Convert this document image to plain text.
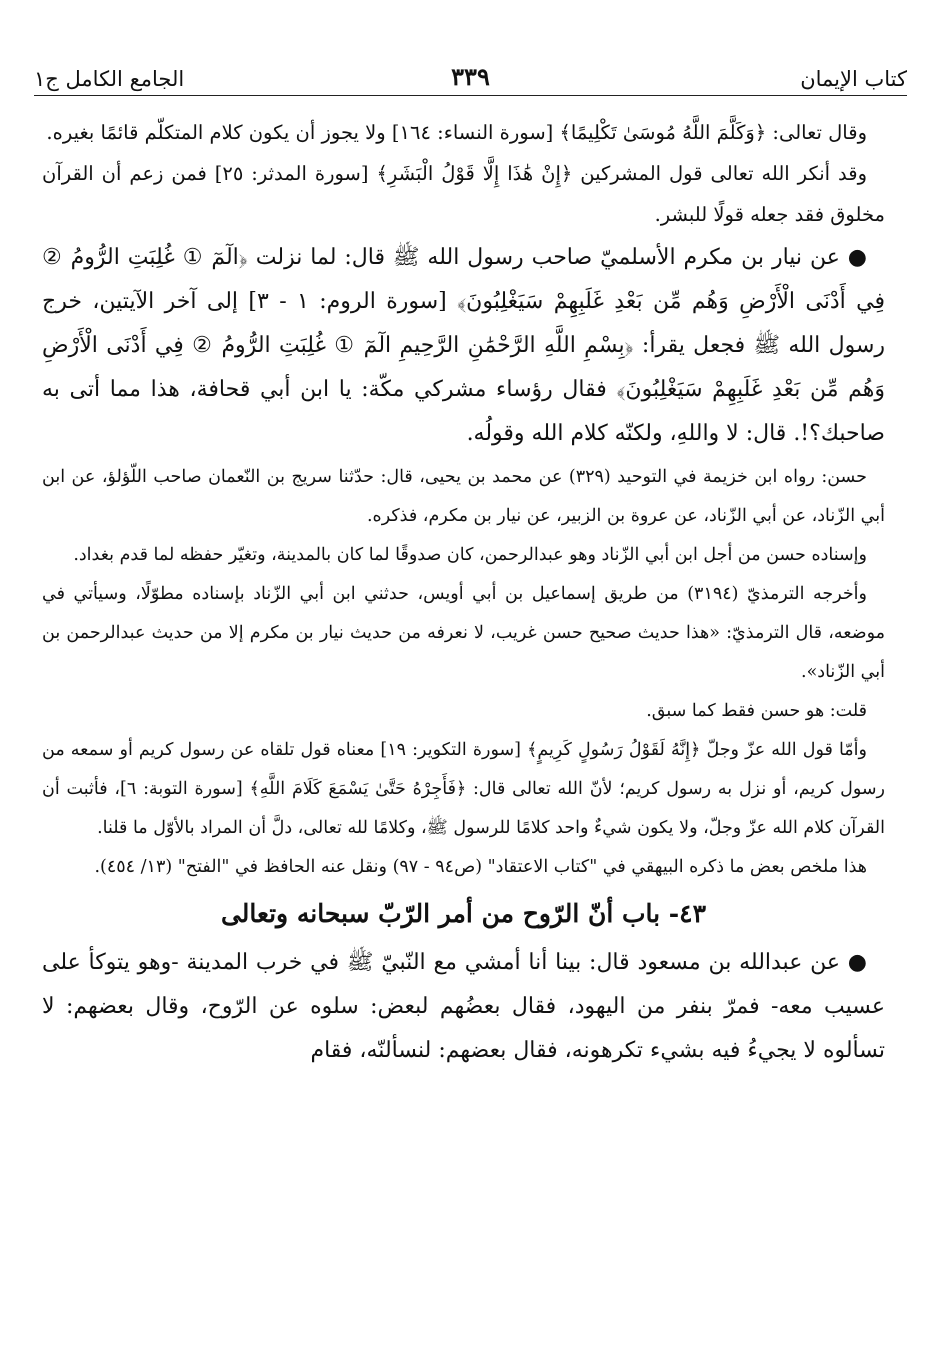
كتاب الإيمان
٣٣٩
الجامع الكامل ج١

وقال تعالى: ﴿وَكَلَّمَ اللَّهُ مُوسَىٰ تَكْلِيمًا﴾ [سورة النساء: ١٦٤] ولا يجوز أن يكون كلام المتكلّم قائمًا بغيره.

وقد أنكر الله تعالى قول المشركين ﴿إِنْ هَٰذَا إِلَّا قَوْلُ الْبَشَرِ﴾ [سورة المدثر: ٢٥] فمن زعم أن القرآن مخلوق فقد جعله قولًا للبشر.

● عن نيار بن مكرم الأسلميّ صاحب رسول الله ﷺ قال: لما نزلت ﴿الٓمٓ ① غُلِبَتِ الرُّومُ ② فِي أَدْنَى الْأَرْضِ وَهُم مِّن بَعْدِ غَلَبِهِمْ سَيَغْلِبُونَ﴾ [سورة الروم: ١ - ٣] إلى آخر الآيتين، خرج رسول الله ﷺ فجعل يقرأ: ﴿بِسْمِ اللَّهِ الرَّحْمَٰنِ الرَّحِيمِ الٓمٓ ① غُلِبَتِ الرُّومُ ② فِي أَدْنَى الْأَرْضِ وَهُم مِّن بَعْدِ غَلَبِهِمْ سَيَغْلِبُونَ﴾ فقال رؤساء مشركي مكّة: يا ابن أبي قحافة، هذا مما أتى به صاحبك؟!. قال: لا واللهِ، ولكنّه كلام الله وقولُه.

حسن: رواه ابن خزيمة في التوحيد (٣٢٩) عن محمد بن يحيى، قال: حدّثنا سريج بن النّعمان صاحب اللّؤلؤ، عن ابن أبي الزّناد، عن أبي الزّناد، عن عروة بن الزبير، عن نيار بن مكرم، فذكره.

وإسناده حسن من أجل ابن أبي الزّناد وهو عبدالرحمن، كان صدوقًا لما كان بالمدينة، وتغيّر حفظه لما قدم بغداد.

وأخرجه الترمذيّ (٣١٩٤) من طريق إسماعيل بن أبي أويس، حدثني ابن أبي الزّناد بإسناده مطوّلًا، وسيأتي في موضعه، قال الترمذيّ: «هذا حديث صحيح حسن غريب، لا نعرفه من حديث نيار بن مكرم إلا من حديث عبدالرحمن بن أبي الزّناد».

قلت: هو حسن فقط كما سبق.

وأمّا قول الله عزّ وجلّ ﴿إِنَّهُ لَقَوْلُ رَسُولٍ كَرِيمٍ﴾ [سورة التكوير: ١٩] معناه قول تلقاه عن رسول كريم أو سمعه من رسول كريم، أو نزل به رسول كريم؛ لأنّ الله تعالى قال: ﴿فَأَجِرْهُ حَتَّىٰ يَسْمَعَ كَلَامَ اللَّهِ﴾ [سورة التوبة: ٦]، فأثبت أن القرآن كلام الله عزّ وجلّ، ولا يكون شيءٌ واحد كلامًا للرسول ﷺ، وكلامًا لله تعالى، دلَّ أن المراد بالأوّل ما قلنا.

هذا ملخص بعض ما ذكره البيهقي في "كتاب الاعتقاد" (ص٩٤ - ٩٧) ونقل عنه الحافظ في "الفتح" (١٣/ ٤٥٤).

٤٣- باب أنّ الرّوح من أمر الرّبّ سبحانه وتعالى

● عن عبدالله بن مسعود قال: بينا أنا أمشي مع النّبيّ ﷺ في خرب المدينة -وهو يتوكأ على عسيب معه- فمرّ بنفر من اليهود، فقال بعضُهم لبعض: سلوه عن الرّوح، وقال بعضهم: لا تسألوه لا يجيءُ فيه بشيء تكرهونه، فقال بعضهم: لنسألنّه، فقام
